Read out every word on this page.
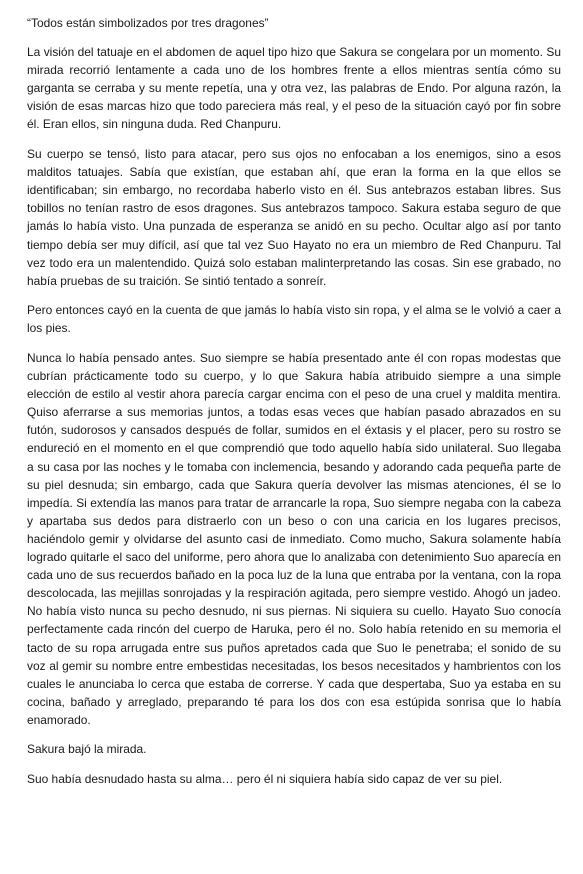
“Todos están simbolizados por tres dragones”

La visión del tatuaje en el abdomen de aquel tipo hizo que Sakura se congelara por un momento. Su mirada recorrió lentamente a cada uno de los hombres frente a ellos mientras sentía cómo su garganta se cerraba y su mente repetía, una y otra vez, las palabras de Endo. Por alguna razón, la visión de esas marcas hizo que todo pareciera más real, y el peso de la situación cayó por fin sobre él. Eran ellos, sin ninguna duda. Red Chanpuru.

Su cuerpo se tensó, listo para atacar, pero sus ojos no enfocaban a los enemigos, sino a esos malditos tatuajes. Sabía que existían, que estaban ahí, que eran la forma en la que ellos se identificaban; sin embargo, no recordaba haberlo visto en él. Sus antebrazos estaban libres. Sus tobillos no tenían rastro de esos dragones. Sus antebrazos tampoco. Sakura estaba seguro de que jamás lo había visto. Una punzada de esperanza se anidó en su pecho. Ocultar algo así por tanto tiempo debía ser muy difícil, así que tal vez Suo Hayato no era un miembro de Red Chanpuru. Tal vez todo era un malentendido. Quizá solo estaban malinterpretando las cosas. Sin ese grabado, no había pruebas de su traición. Se sintió tentado a sonreír.

Pero entonces cayó en la cuenta de que jamás lo había visto sin ropa, y el alma se le volvió a caer a los pies.

Nunca lo había pensado antes. Suo siempre se había presentado ante él con ropas modestas que cubrían prácticamente todo su cuerpo, y lo que Sakura había atribuido siempre a una simple elección de estilo al vestir ahora parecía cargar encima con el peso de una cruel y maldita mentira. Quiso aferrarse a sus memorias juntos, a todas esas veces que habían pasado abrazados en su futón, sudorosos y cansados después de follar, sumidos en el éxtasis y el placer, pero su rostro se endureció en el momento en el que comprendió que todo aquello había sido unilateral. Suo llegaba a su casa por las noches y le tomaba con inclemencia, besando y adorando cada pequeña parte de su piel desnuda; sin embargo, cada que Sakura quería devolver las mismas atenciones, él se lo impedía. Si extendía las manos para tratar de arrancarle la ropa, Suo siempre negaba con la cabeza y apartaba sus dedos para distraerlo con un beso o con una caricia en los lugares precisos, haciéndolo gemir y olvidarse del asunto casi de inmediato. Como mucho, Sakura solamente había logrado quitarle el saco del uniforme, pero ahora que lo analizaba con detenimiento Suo aparecía en cada uno de sus recuerdos bañado en la poca luz de la luna que entraba por la ventana, con la ropa descolocada, las mejillas sonrojadas y la respiración agitada, pero siempre vestido. Ahogó un jadeo. No había visto nunca su pecho desnudo, ni sus piernas. Ni siquiera su cuello. Hayato Suo conocía perfectamente cada rincón del cuerpo de Haruka, pero él no. Solo había retenido en su memoria el tacto de su ropa arrugada entre sus puños apretados cada que Suo le penetraba; el sonido de su voz al gemir su nombre entre embestidas necesitadas, los besos necesitados y hambrientos con los cuales le anunciaba lo cerca que estaba de correrse. Y cada que despertaba, Suo ya estaba en su cocina, bañado y arreglado, preparando té para los dos con esa estúpida sonrisa que lo había enamorado.

Sakura bajó la mirada.

Suo había desnudado hasta su alma… pero él ni siquiera había sido capaz de ver su piel.
